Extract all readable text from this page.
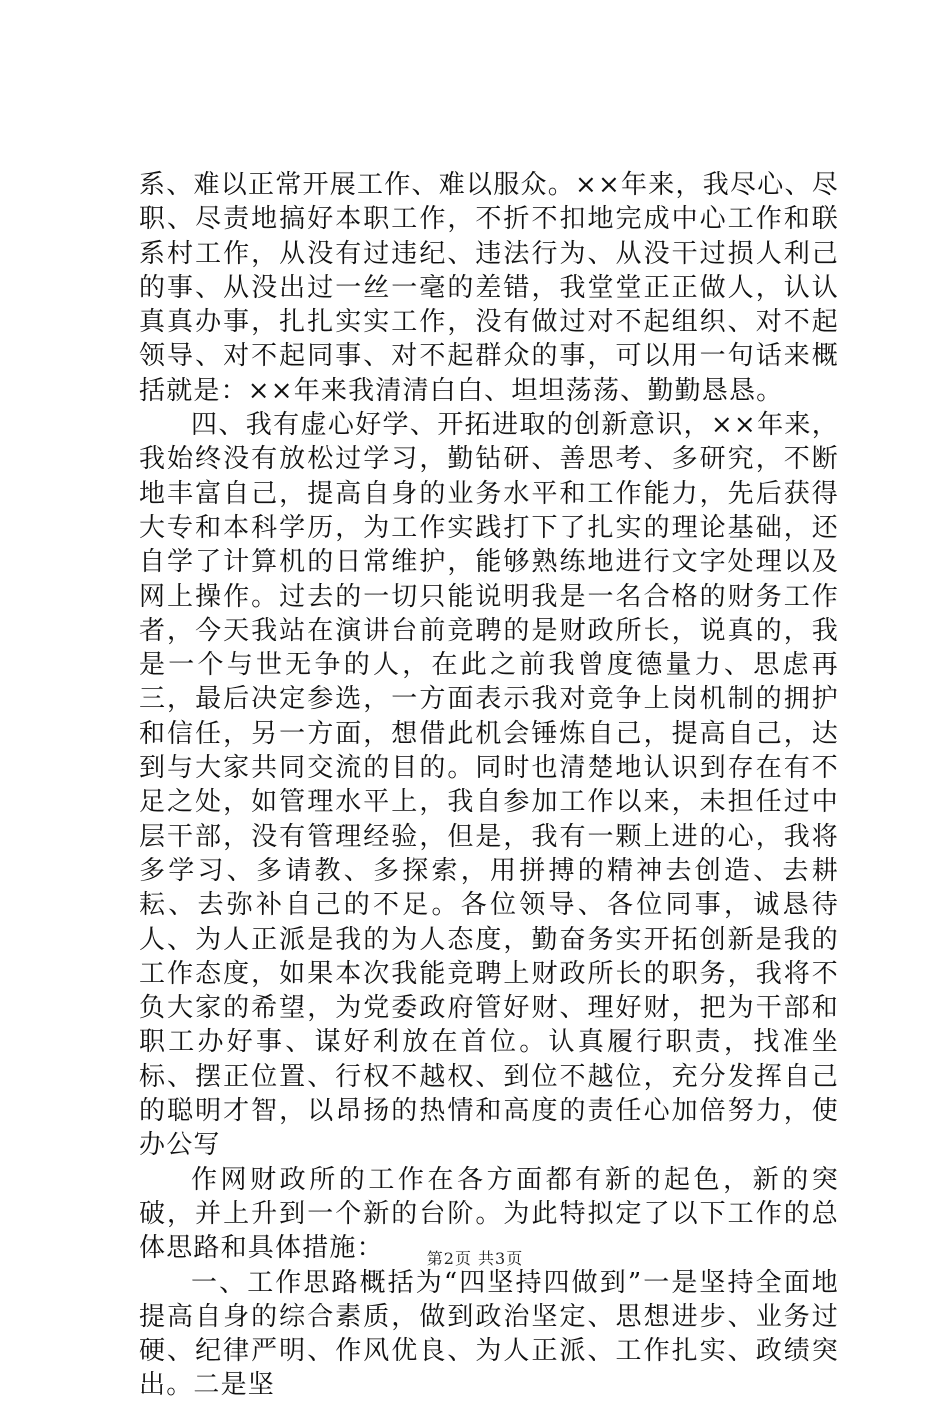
系、难以正常开展工作、难以服众。××年来，我尽心、尽职、尽责地搞好本职工作，不折不扣地完成中心工作和联系村工作，从没有过违纪、违法行为、从没干过损人利己的事、从没出过一丝一毫的差错，我堂堂正正做人，认认真真办事，扎扎实实工作，没有做过对不起组织、对不起领导、对不起同事、对不起群众的事，可以用一句话来概括就是：××年来我清清白白、坦坦荡荡、勤勤恳恳。

四、我有虚心好学、开拓进取的创新意识，××年来，我始终没有放松过学习，勤钻研、善思考、多研究，不断地丰富自己，提高自身的业务水平和工作能力，先后获得大专和本科学历，为工作实践打下了扎实的理论基础，还自学了计算机的日常维护，能够熟练地进行文字处理以及网上操作。过去的一切只能说明我是一名合格的财务工作者，今天我站在演讲台前竞聘的是财政所长，说真的，我是一个与世无争的人，在此之前我曾度德量力、思虑再三，最后决定参选，一方面表示我对竞争上岗机制的拥护和信任，另一方面，想借此机会锤炼自己，提高自己，达到与大家共同交流的目的。同时也清楚地认识到存在有不足之处，如管理水平上，我自参加工作以来，未担任过中层干部，没有管理经验，但是，我有一颗上进的心，我将多学习、多请教、多探索，用拼搏的精神去创造、去耕耘、去弥补自己的不足。各位领导、各位同事，诚恳待人、为人正派是我的为人态度，勤奋务实开拓创新是我的工作态度，如果本次我能竞聘上财政所长的职务，我将不负大家的希望，为党委政府管好财、理好财，把为干部和职工办好事、谋好利放在首位。认真履行职责，找准坐标、摆正位置、行权不越权、到位不越位，充分发挥自己的聪明才智，以昂扬的热情和高度的责任心加倍努力，使办公写

作网财政所的工作在各方面都有新的起色，新的突破，并上升到一个新的台阶。为此特拟定了以下工作的总体思路和具体措施：

一、工作思路概括为“四坚持四做到”一是坚持全面地提高自身的综合素质，做到政治坚定、思想进步、业务过硬、纪律严明、作风优良、为人正派、工作扎实、政绩突出。二是坚

第2页 共3页
